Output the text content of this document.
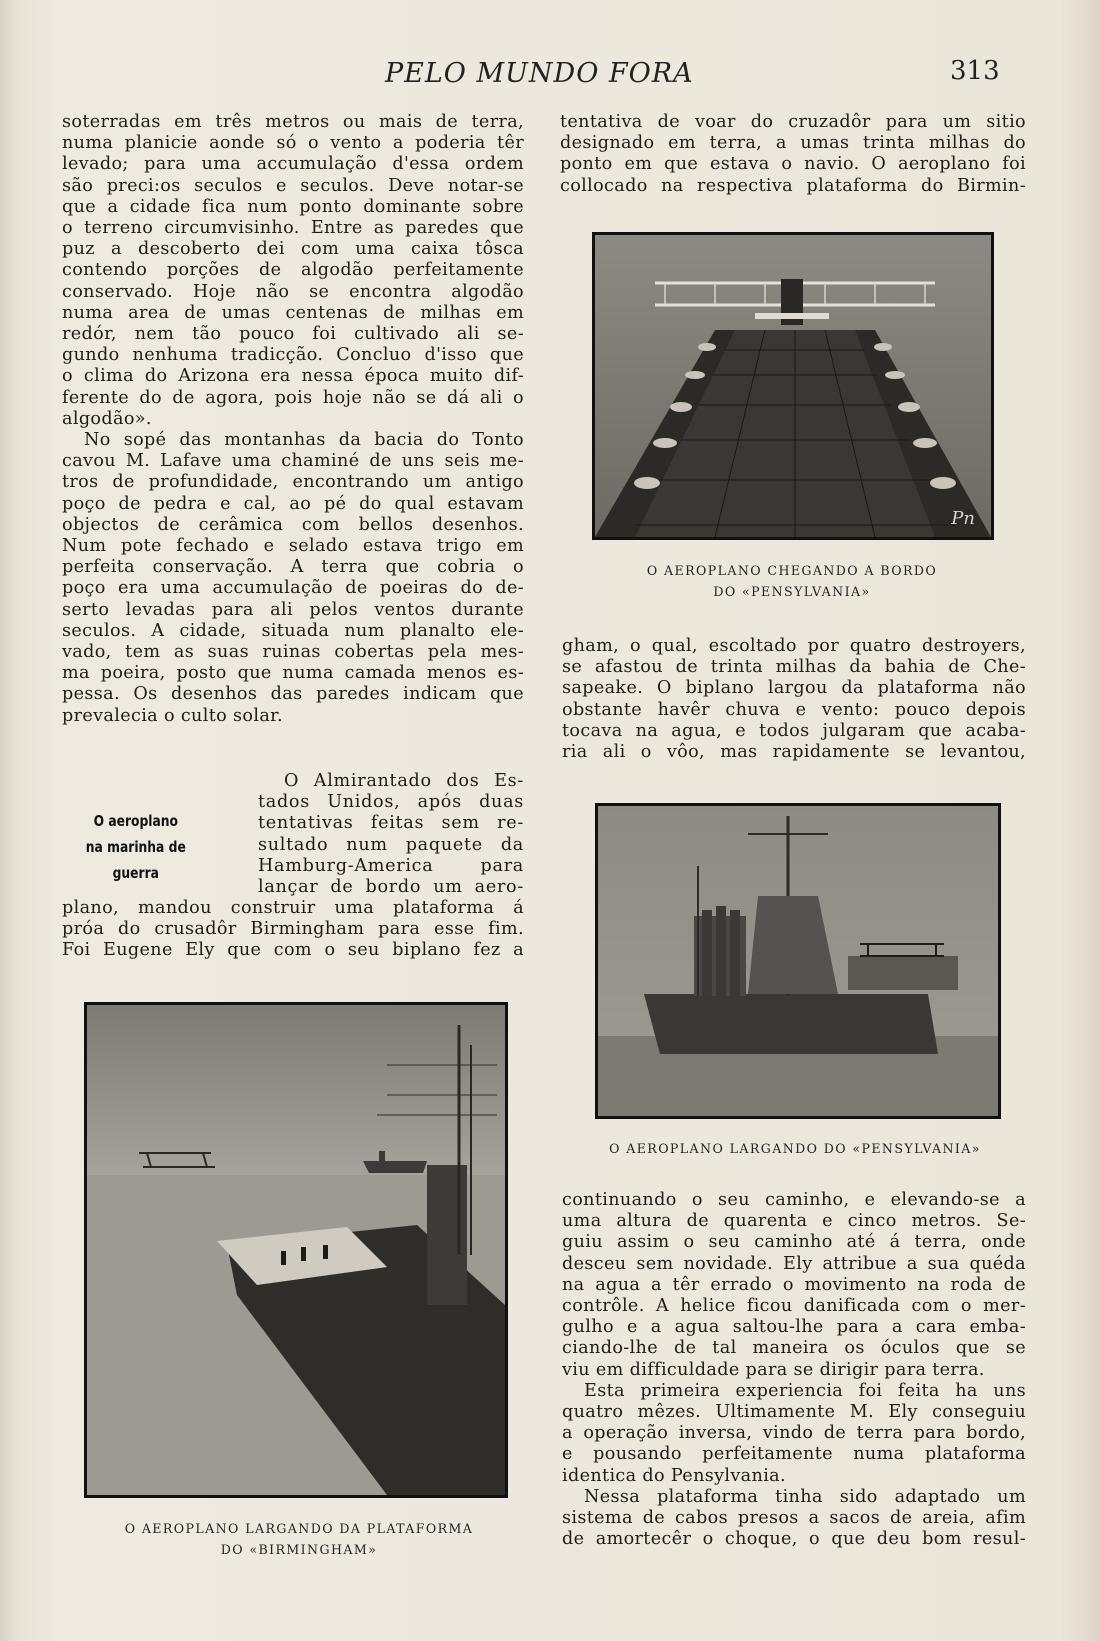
PELO MUNDO FORA	313

soterradas em três metros ou mais de terra,
numa planicie aonde só o vento a poderia têr
levado; para uma accumulação d'essa ordem
são preci:os seculos e seculos. Deve notar-se
que a cidade fica num ponto dominante sobre
o terreno circumvisinho. Entre as paredes que
puz a descoberto dei com uma caixa tôsca
contendo porções de algodão perfeitamente
conservado. Hoje não se encontra algodão
numa area de umas centenas de milhas em
redór, nem tão pouco foi cultivado ali se-
gundo nenhuma tradicção. Concluo d'isso que
o clima do Arizona era nessa época muito dif-
ferente do de agora, pois hoje não se dá ali o
algodão».

No sopé das montanhas da bacia do Tonto
cavou M. Lafave uma chaminé de uns seis me-
tros de profundidade, encontrando um antigo
poço de pedra e cal, ao pé do qual estavam
objectos de cerâmica com bellos desenhos.
Num pote fechado e selado estava trigo em
perfeita conservação. A terra que cobria o
poço era uma accumulação de poeiras do de-
serto levadas para ali pelos ventos durante
seculos. A cidade, situada num planalto ele-
vado, tem as suas ruinas cobertas pela mes-
ma poeira, posto que numa camada menos es-
pessa. Os desenhos das paredes indicam que
prevalecia o culto solar.

O aeroplano
na marinha de guerra

O Almirantado dos Es-
tados Unidos, após duas
tentativas feitas sem re-
sultado num paquete da
Hamburg-America para
lançar de bordo um aero-

plano, mandou construir uma plataforma á
próa do crusadôr Birmingham para esse fim.
Foi Eugene Ely que com o seu biplano fez a

tentativa de voar do cruzadôr para um sitio
designado em terra, a umas trinta milhas do
ponto em que estava o navio. O aeroplano foi
collocado na respectiva plataforma do Birmin-

gham, o qual, escoltado por quatro destroyers,
se afastou de trinta milhas da bahia de Che-
sapeake. O biplano largou da plataforma não
obstante havêr chuva e vento: pouco depois
tocava na agua, e todos julgaram que acaba-
ria ali o vôo, mas rapidamente se levantou,

continuando o seu caminho, e elevando-se a
uma altura de quarenta e cinco metros. Se-
guiu assim o seu caminho até á terra, onde
desceu sem novidade. Ely attribue a sua quéda
na agua a têr errado o movimento na roda de
contrôle. A helice ficou danificada com o mer-
gulho e a agua saltou-lhe para a cara emba-
ciando-lhe de tal maneira os óculos que se
viu em difficuldade para se dirigir para terra.

Esta primeira experiencia foi feita ha uns
quatro mêzes. Ultimamente M. Ely conseguiu
a operação inversa, vindo de terra para bordo,
e pousando perfeitamente numa plataforma
identica do Pensylvania.

Nessa plataforma tinha sido adaptado um
sistema de cabos presos a sacos de areia, afim
de amortecêr o choque, o que deu bom resul-

Pn
O AEROPLANO CHEGANDO A BORDO
DO «PENSYLVANIA»
O AEROPLANO LARGANDO DO «PENSYLVANIA»
O AEROPLANO LARGANDO DA PLATAFORMA
DO «BIRMINGHAM»
